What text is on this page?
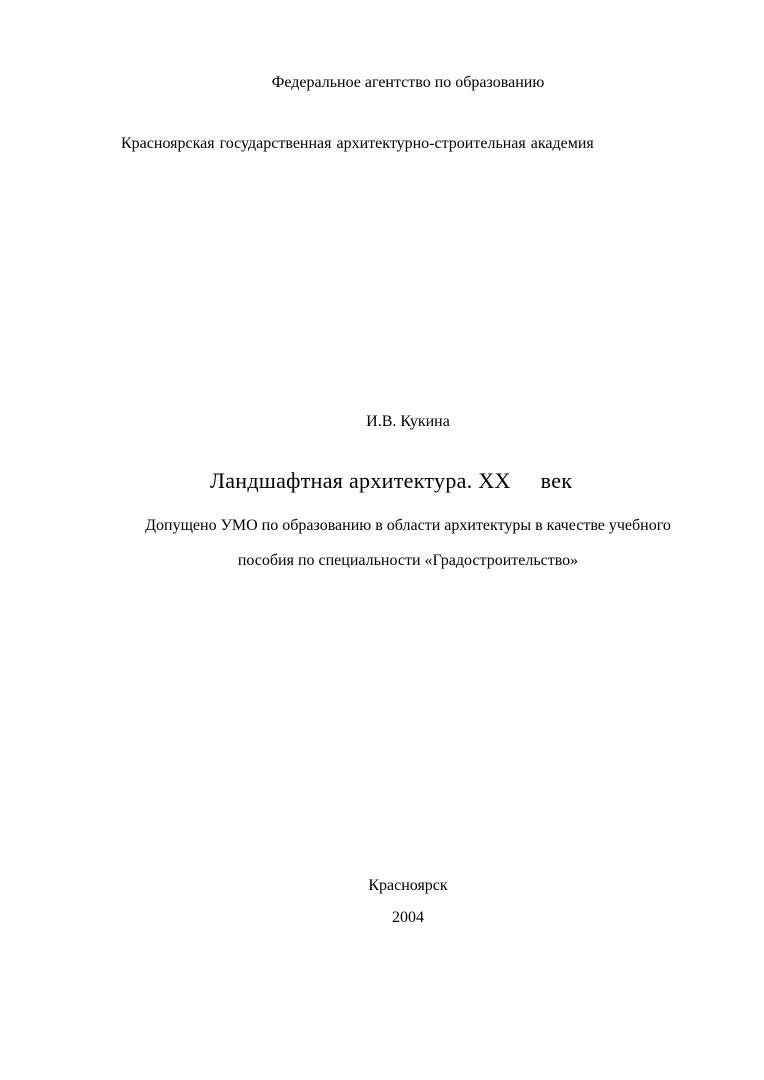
Федеральное агентство по образованию
Красноярская государственная архитектурно-строительная академия
И.В. Кукина
Ландшафтная архитектура. XX век
Допущено УМО по образованию в области архитектуры в качестве учебного
пособия по специальности «Градостроительство»
Красноярск
2004
